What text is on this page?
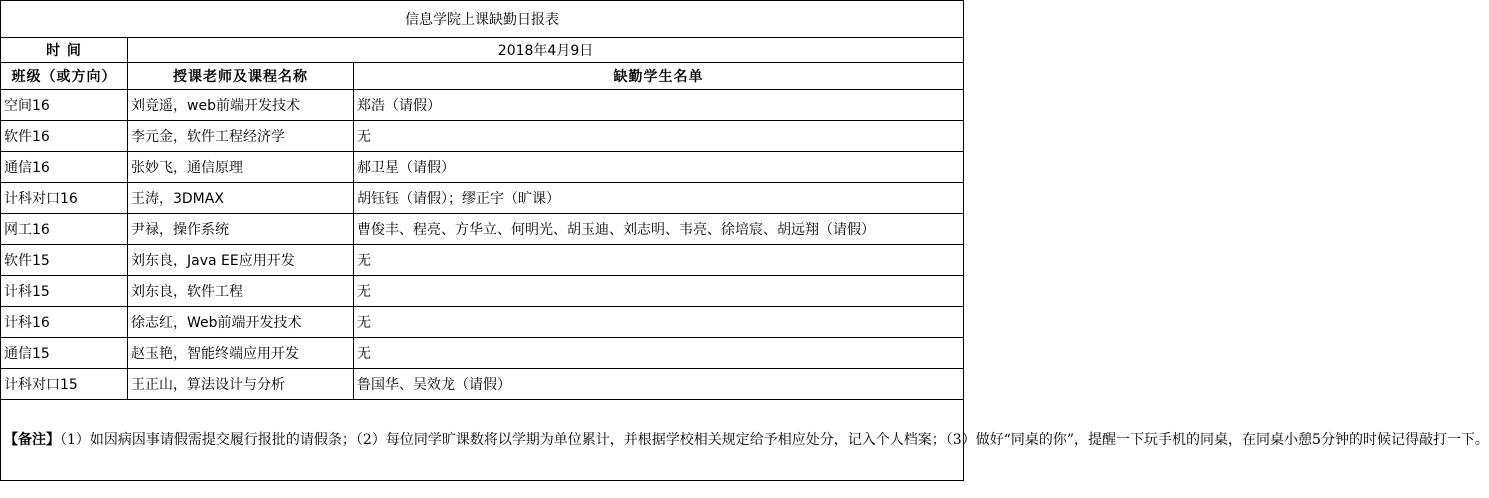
信息学院上课缺勤日报表		
时 间	2018年4月9日	
班级（或方向）	授课老师及课程名称	缺勤学生名单
空间16	刘竞遥，web前端开发技术	郑浩（请假）
软件16	李元金，软件工程经济学	无
通信16	张妙飞，通信原理	郝卫星（请假）
计科对口16	王涛，3DMAX	胡钰钰（请假）；缪正宇（旷课）
网工16	尹禄，操作系统	曹俊丰、程亮、方华立、何明光、胡玉迪、刘志明、韦亮、徐培宸、胡远翔（请假）
软件15	刘东良，Java EE应用开发	无
计科15	刘东良，软件工程	无
计科16	徐志红，Web前端开发技术	无
通信15	赵玉艳，智能终端应用开发	无
计科对口15	王正山，算法设计与分析	鲁国华、吴效龙（请假）
【备注】（1）如因病因事请假需提交履行报批的请假条；（2）每位同学旷课数将以学期为单位累计，并根据学校相关规定给予相应处分，记入个人档案；（3）做好“同桌的你”，提醒一下玩手机的同桌，在同桌小憩5分钟的时候记得敲打一下。		
